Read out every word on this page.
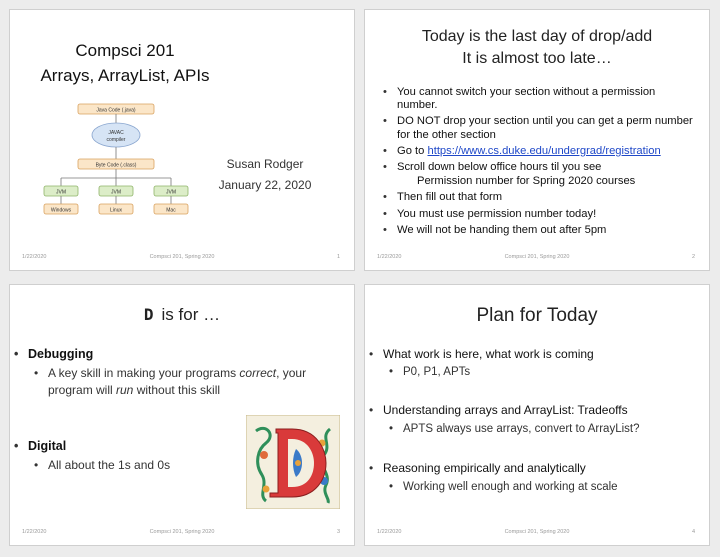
Compsci 201
Arrays, ArrayList, APIs
Java Code (.java)
JAVAC
compiler
Byte Code (.class)
JVM	JVM	JVM
Windows	Linux	Mac
Susan Rodger
January 22, 2020
1/22/2020	Compsci 201, Spring 2020	1
Today is the last day of drop/add
It is almost too late…
• You cannot switch your section without a permission number.
• DO NOT drop your section until you can get a perm number for the other section
• Go to https://www.cs.duke.edu/undergrad/registration
• Scroll down below office hours til you see
Permission number for Spring 2020 courses
• Then fill out that form
• You must use permission number today!
• We will not be handing them out after 5pm
1/22/2020	Compsci 201, Spring 2020	2
D is for …
Debugging
A key skill in making your programs correct, your program will run without this skill
Digital
All about the 1s and 0s
1/22/2020	Compsci 201, Spring 2020	3
Plan for Today
What work is here, what work is coming
P0, P1, APTs
Understanding arrays and ArrayList: Tradeoffs
APTS always use arrays, convert to ArrayList?
Reasoning empirically and analytically
Working well enough and working at scale
1/22/2020	Compsci 201, Spring 2020	4
